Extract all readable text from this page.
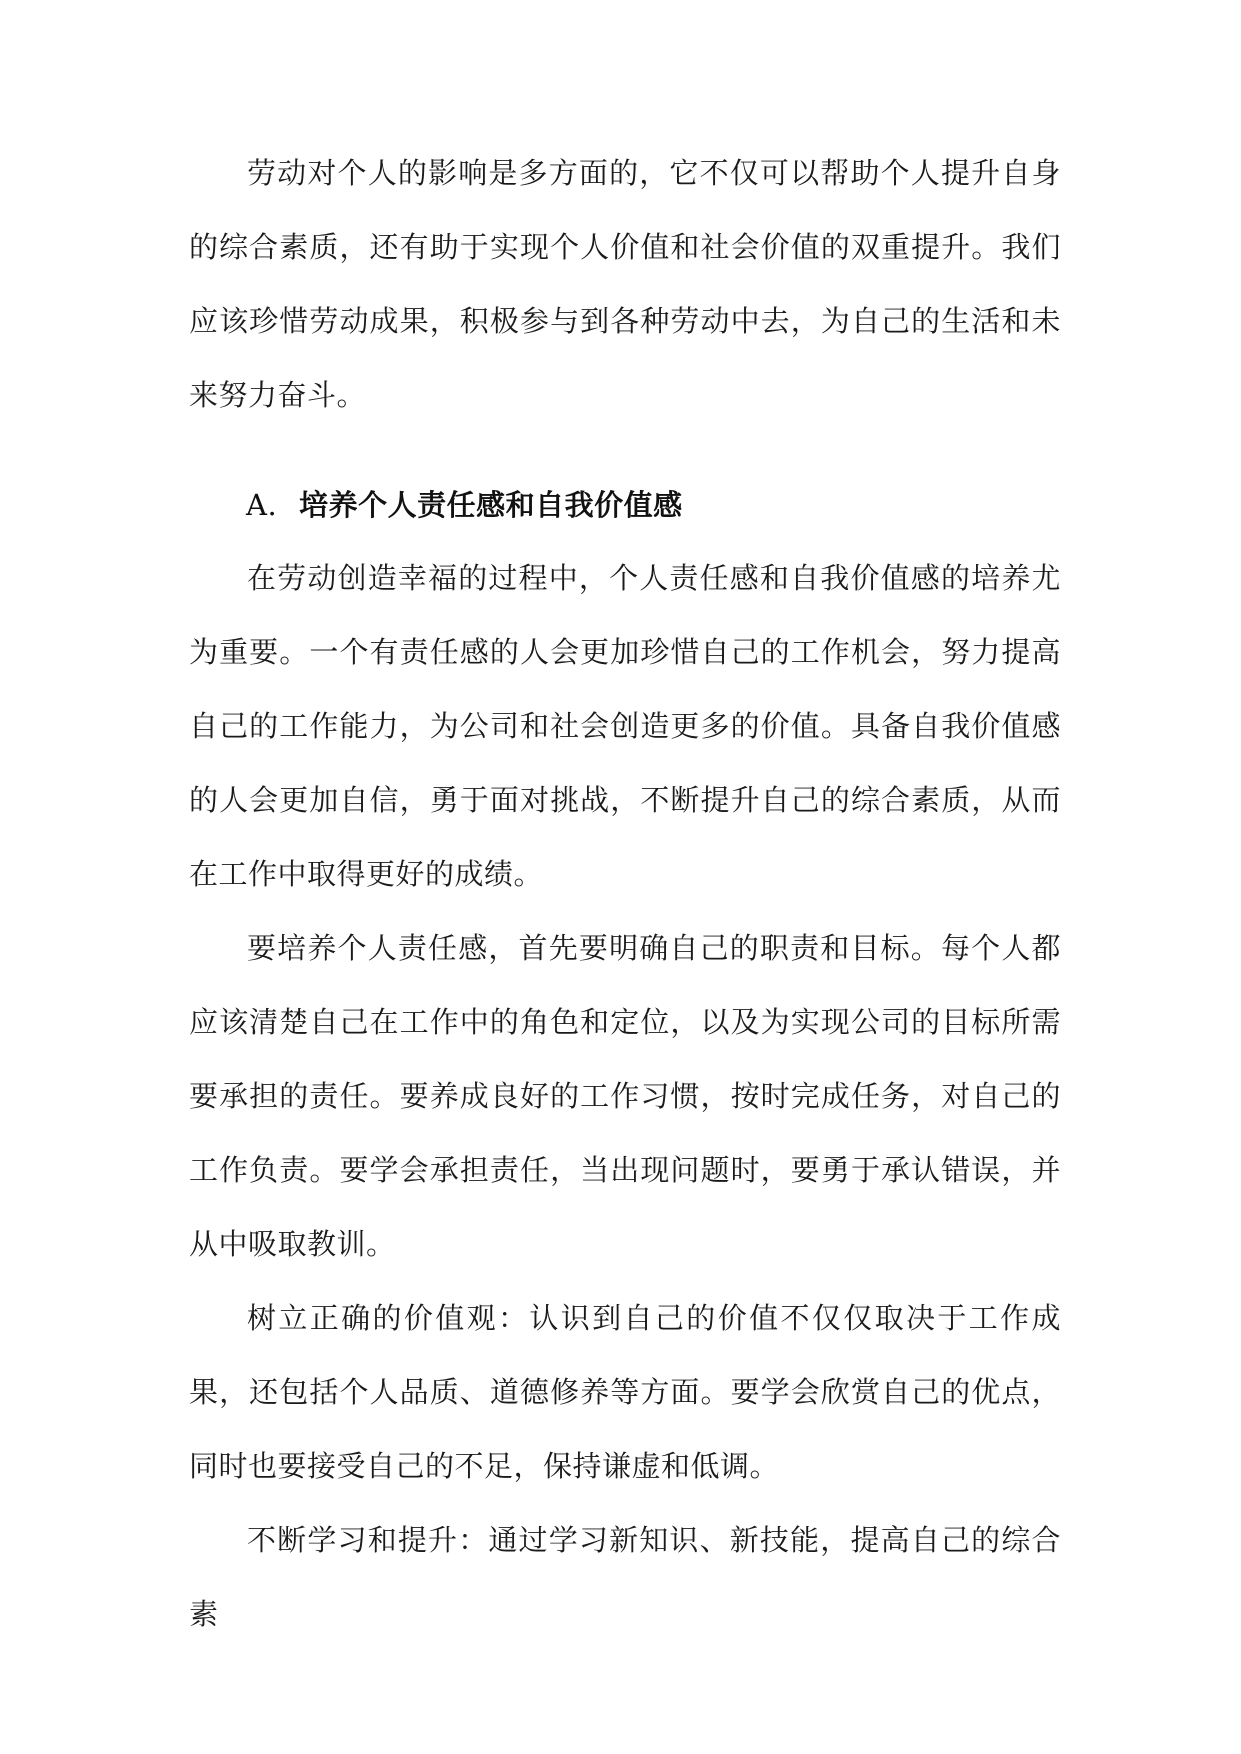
劳动对个人的影响是多方面的，它不仅可以帮助个人提升自身的综合素质，还有助于实现个人价值和社会价值的双重提升。我们应该珍惜劳动成果，积极参与到各种劳动中去，为自己的生活和未来努力奋斗。

A. 培养个人责任感和自我价值感

在劳动创造幸福的过程中，个人责任感和自我价值感的培养尤为重要。一个有责任感的人会更加珍惜自己的工作机会，努力提高自己的工作能力，为公司和社会创造更多的价值。具备自我价值感的人会更加自信，勇于面对挑战，不断提升自己的综合素质，从而在工作中取得更好的成绩。

要培养个人责任感，首先要明确自己的职责和目标。每个人都应该清楚自己在工作中的角色和定位，以及为实现公司的目标所需要承担的责任。要养成良好的工作习惯，按时完成任务，对自己的工作负责。要学会承担责任，当出现问题时，要勇于承认错误，并从中吸取教训。

树立正确的价值观：认识到自己的价值不仅仅取决于工作成果，还包括个人品质、道德修养等方面。要学会欣赏自己的优点，同时也要接受自己的不足，保持谦虚和低调。

不断学习和提升：通过学习新知识、新技能，提高自己的综合素
